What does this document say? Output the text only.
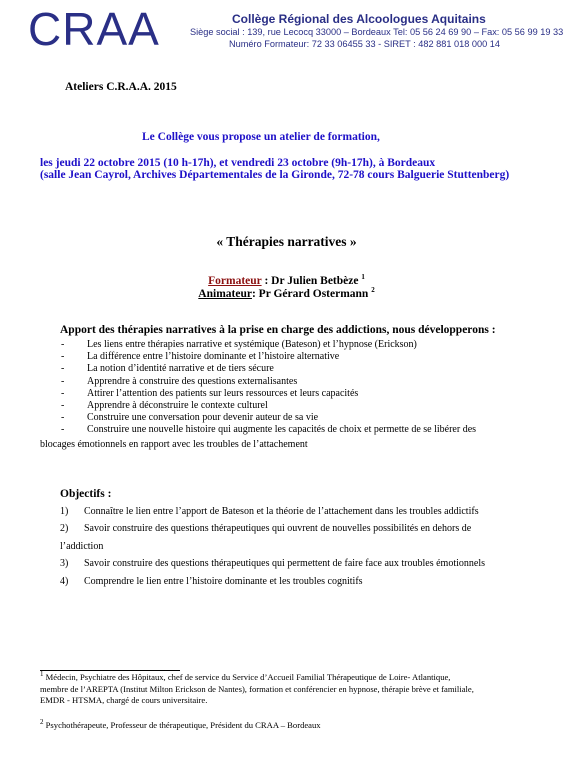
CRAA	Collège Régional des Alcoologues Aquitains
Siège social : 139, rue Lecocq 33000 – Bordeaux Tel: 05 56 24 69 90 – Fax: 05 56 99 19 33
Numéro Formateur: 72 33 06455 33 - SIRET : 482 881 018 000 14
Ateliers C.R.A.A. 2015
Le Collège vous propose un atelier de formation,
les jeudi 22 octobre 2015 (10 h-17h), et vendredi 23 octobre (9h-17h), à Bordeaux
(salle Jean Cayrol, Archives Départementales de la Gironde, 72-78 cours Balguerie Stuttenberg)
« Thérapies narratives »
Formateur : Dr Julien Betbèze $^1$
Animateur: Pr Gérard Ostermann $^2$
Apport des thérapies narratives à la prise en charge des addictions, nous développerons :
- Les liens entre thérapies narrative et systémique (Bateson) et l’hypnose (Erickson)
- La différence entre l’histoire dominante et l’histoire alternative
- La notion d’identité narrative et de tiers sécure
- Apprendre à construire des questions externalisantes
- Attirer l’attention des patients sur leurs ressources et leurs capacités
- Apprendre à déconstruire le contexte culturel
- Construire une conversation pour devenir auteur de sa vie
- Construire une nouvelle histoire qui augmente les capacités de choix et permette de se libérer des
blocages émotionnels en rapport avec les troubles de l’attachement
Objectifs :
1) Connaître le lien entre l’apport de Bateson et la théorie de l’attachement dans les troubles addictifs
2) Savoir construire des questions thérapeutiques qui ouvrent de nouvelles possibilités en dehors de
l’addiction
3) Savoir construire des questions thérapeutiques qui permettent de faire face aux troubles émotionnels
4) Comprendre le lien entre l’histoire dominante et les troubles cognitifs
$^1$ Médecin, Psychiatre des Hôpitaux, chef de service du Service d’Accueil Familial Thérapeutique de Loire- Atlantique,
membre de l’AREPTA (Institut Milton Erickson de Nantes), formation et conférencier en hypnose, thérapie brève et familiale,
EMDR - HTSMA, chargé de cours universitaire.
$^2$ Psychothérapeute, Professeur de thérapeutique, Président du CRAA – Bordeaux
